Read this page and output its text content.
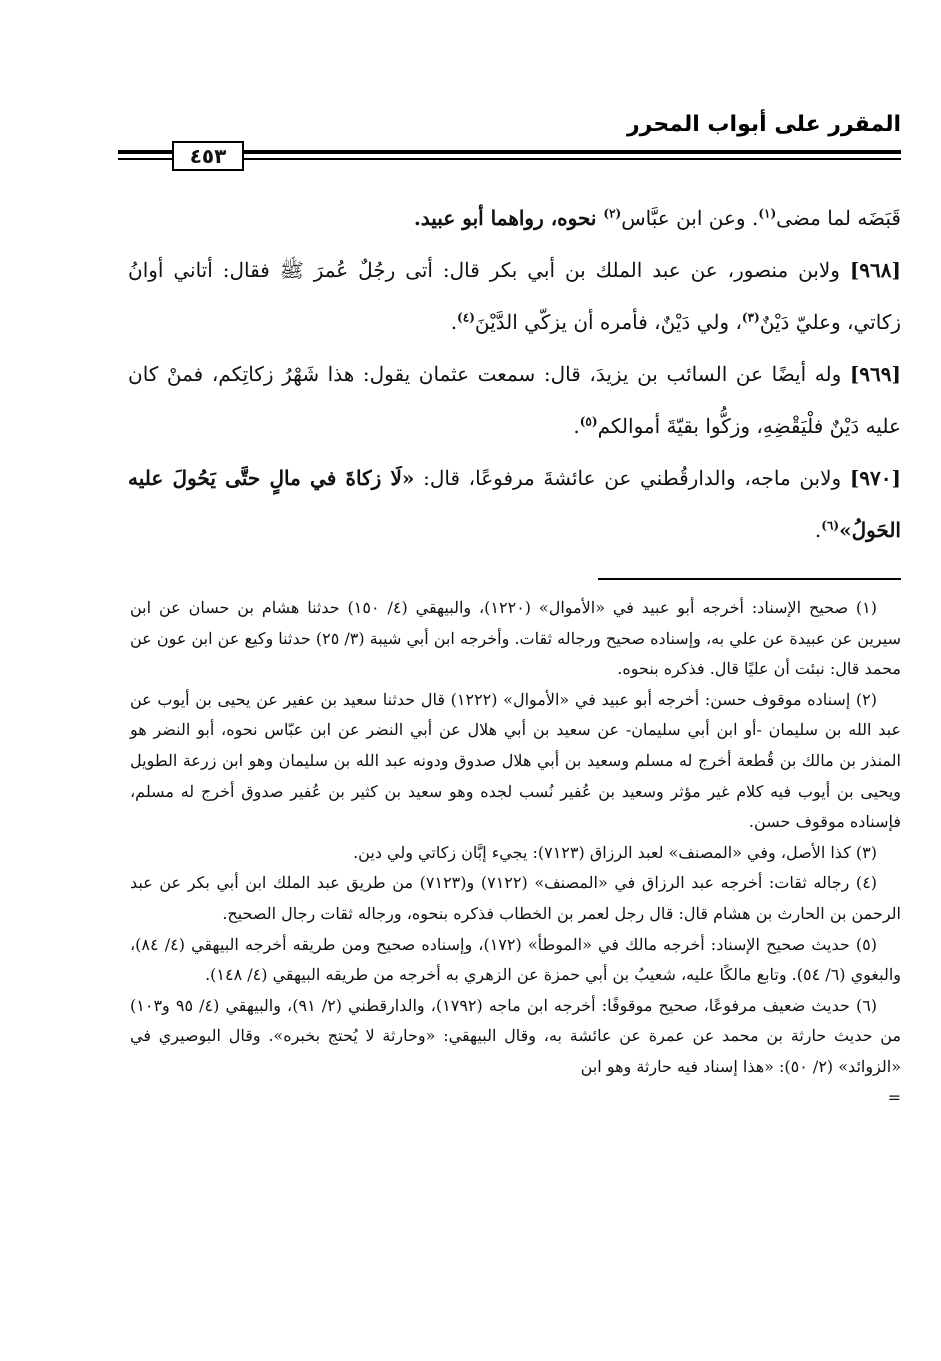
المقرر على أبواب المحرر
٤٥٣

قَبَضَه لما مضى$^{(١)}$. وعن ابن عبَّاس$^{(٢)}$ نحوه، رواهما أبو عبيد.

[٩٦٨] ولابن منصور، عن عبد الملك بن أبي بكر قال: أتى رجُلٌ عُمرَ ﷺ فقال: أتاني أوانُ زكاتي، وعليّ دَيْنٌ$^{(٣)}$، ولي دَيْنٌ، فأمره أن يزكّي الدَّيْنَ$^{(٤)}$.

[٩٦٩] وله أيضًا عن السائب بن يزيدَ، قال: سمعت عثمان يقول: هذا شَهْرُ زكاتِكم، فمنْ كان عليه دَيْنٌ فلْيَقْضِهِ، وزكُّوا بقيّةَ أموالكم$^{(٥)}$.

[٩٧٠] ولابن ماجه، والدارقُطني عن عائشةَ مرفوعًا، قال: «لَا زكاةَ في مالٍ حتَّى يَحُولَ عليه الحَولُ»$^{(٦)}$.

(١) صحيح الإسناد: أخرجه أبو عبيد في «الأموال» (١٢٢٠)، والبيهقي (٤/ ١٥٠) حدثنا هشام بن حسان عن ابن سيرين عن عبيدة عن علي به، وإسناده صحيح ورجاله ثقات. وأخرجه ابن أبي شيبة (٣/ ٢٥) حدثنا وكيع عن ابن عون عن محمد قال: نبئت أن عليًا قال. فذكره بنحوه.

(٢) إسناده موقوف حسن: أخرجه أبو عبيد في «الأموال» (١٢٢٢) قال حدثنا سعيد بن عفير عن يحيى بن أيوب عن عبد الله بن سليمان -أو ابن أبي سليمان- عن سعيد بن أبي هلال عن أبي النضر عن ابن عبّاس نحوه، أبو النضر هو المنذر بن مالك بن قُطعة أخرج له مسلم وسعيد بن أبي هلال صدوق ودونه عبد الله بن سليمان وهو ابن زرعة الطويل ويحيى بن أيوب فيه كلام غير مؤثر وسعيد بن عُفير نُسب لجده وهو سعيد بن كثير بن عُفير صدوق أخرج له مسلم، فإسناده موقوف حسن.

(٣) كذا الأصل، وفي «المصنف» لعبد الرزاق (٧١٢٣): يجيء إبَّان زكاتي ولي دين.

(٤) رجاله ثقات: أخرجه عبد الرزاق في «المصنف» (٧١٢٢) و(٧١٢٣) من طريق عبد الملك ابن أبي بكر عن عبد الرحمن بن الحارث بن هشام قال: قال رجل لعمر بن الخطاب فذكره بنحوه، ورجاله ثقات رجال الصحيح.

(٥) حديث صحيح الإسناد: أخرجه مالك في «الموطأ» (١٧٢)، وإسناده صحيح ومن طريقه أخرجه البيهقي (٤/ ٨٤)، والبغوي (٦/ ٥٤). وتابع مالكًا عليه، شعيبُ بن أبي حمزة عن الزهري به أخرجه من طريقه البيهقي (٤/ ١٤٨).

(٦) حديث ضعيف مرفوعًا، صحيح موقوفًا: أخرجه ابن ماجه (١٧٩٢)، والدارقطني (٢/ ٩١)، والبيهقي (٤/ ٩٥ و١٠٣) من حديث حارثة بن محمد عن عمرة عن عائشة به، وقال البيهقي: «وحارثة لا يُحتج بخبره». وقال البوصيري في «الزوائد» (٢/ ٥٠): «هذا إسناد فيه حارثة وهو ابن

=
